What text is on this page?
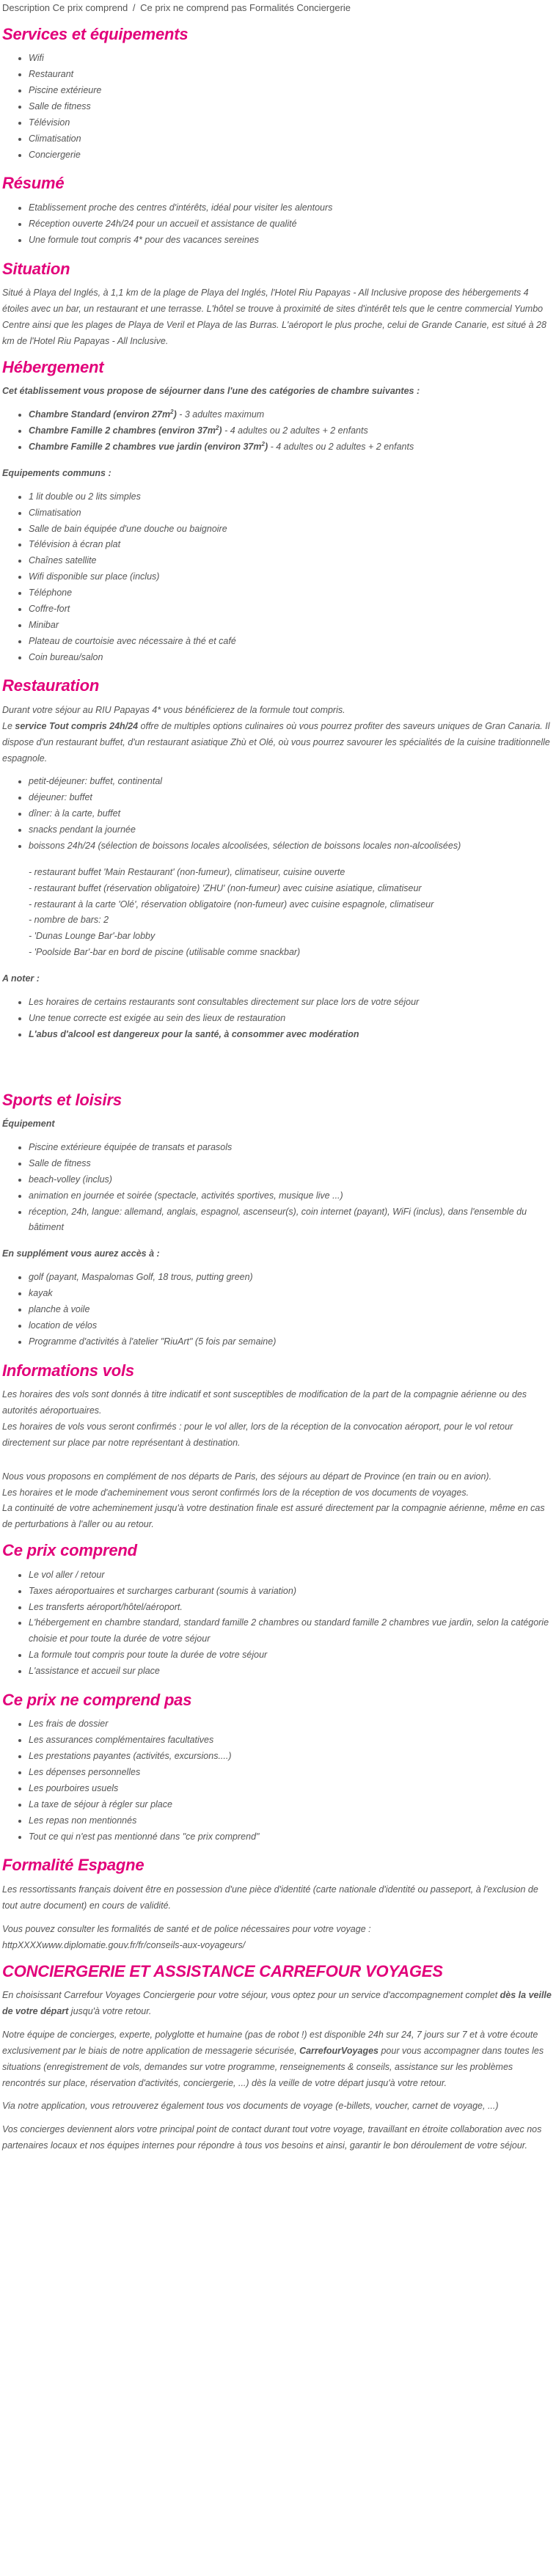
Description Ce prix comprend / Ce prix ne comprend pas Formalités Conciergerie
Services et équipements
• Wifi
• Restaurant
• Piscine extérieure
• Salle de fitness
• Télévision
• Climatisation
• Conciergerie
Résumé
• Etablissement proche des centres d'intérêts, idéal pour visiter les alentours
• Réception ouverte 24h/24 pour un accueil et assistance de qualité
• Une formule tout compris 4* pour des vacances sereines
Situation

Situé à Playa del Inglés, à 1,1 km de la plage de Playa del Inglés, l'Hotel Riu Papayas - All Inclusive propose des hébergements 4 étoiles avec un bar, un restaurant et une terrasse. L'hôtel se trouve à proximité de sites d'intérêt tels que le centre commercial Yumbo Centre ainsi que les plages de Playa de Veril et Playa de las Burras. L'aéroport le plus proche, celui de Grande Canarie, est situé à 28 km de l'Hotel Riu Papayas - All Inclusive.

Hébergement

Cet établissement vous propose de séjourner dans l'une des catégories de chambre suivantes :

• Chambre Standard (environ $27m^2) - 3$ adultes maximum
• Chambre Famille 2 chambres (environ $37m^2) - 4$ adultes ou 2 adultes + 2 enfants
• Chambre Famille 2 chambres vue jardin (environ $37m^2) - 4$ adultes ou 2 adultes + 2 enfants

Equipements communs :

• 1 lit double ou 2 lits simples
• Climatisation
• Salle de bain équipée d'une douche ou baignoire
• Télévision à écran plat
• Chaînes satellite
• Wifi disponible sur place (inclus)
• Téléphone
• Coffre-fort
• Minibar
• Plateau de courtoisie avec nécessaire à thé et café
• Coin bureau/salon
Restauration

Durant votre séjour au RIU Papayas 4* vous bénéficierez de la formule tout compris.

Le service Tout compris 24h/24 offre de multiples options culinaires où vous pourrez profiter des saveurs uniques de Gran Canaria. Il dispose d'un restaurant buffet, d'un restaurant asiatique Zhù et Olé, où vous pourrez savourer les spécialités de la cuisine traditionnelle espagnole.

• petit-déjeuner: buffet, continental
• déjeuner: buffet
• dîner: à la carte, buffet
• snacks pendant la journée
• boissons 24h/24 (sélection de boissons locales alcoolisées, sélection de boissons locales non-alcoolisées)
- restaurant buffet 'Main Restaurant' (non-fumeur), climatiseur, cuisine ouverte
- restaurant buffet (réservation obligatoire) 'ZHU' (non-fumeur) avec cuisine asiatique, climatiseur
- restaurant à la carte 'Olé', réservation obligatoire (non-fumeur) avec cuisine espagnole, climatiseur
- nombre de bars: 2
- 'Dunas Lounge Bar'-bar lobby
- 'Poolside Bar'-bar en bord de piscine (utilisable comme snackbar)

A noter :

• Les horaires de certains restaurants sont consultables directement sur place lors de votre séjour
• Une tenue correcte est exigée au sein des lieux de restauration
• L'abus d'alcool est dangereux pour la santé, à consommer avec modération
Sports et loisirs

Équipement

• Piscine extérieure équipée de transats et parasols
• Salle de fitness
• beach-volley (inclus)
• animation en journée et soirée (spectacle, activités sportives, musique live ...)
• réception, 24h, langue: allemand, anglais, espagnol, ascenseur(s), coin internet (payant), WiFi (inclus), dans l'ensemble du bâtiment

En supplément vous aurez accès à :

• golf (payant, Maspalomas Golf, 18 trous, putting green)
• kayak
• planche à voile
• location de vélos
• Programme d'activités à l'atelier "RiuArt" (5 fois par semaine)
Informations vols

Les horaires des vols sont donnés à titre indicatif et sont susceptibles de modification de la part de la compagnie aérienne ou des autorités aéroportuaires.

Les horaires de vols vous seront confirmés : pour le vol aller, lors de la réception de la convocation aéroport, pour le vol retour directement sur place par notre représentant à destination.

Nous vous proposons en complément de nos départs de Paris, des séjours au départ de Province (en train ou en avion).

Les horaires et le mode d'acheminement vous seront confirmés lors de la réception de vos documents de voyages.

La continuité de votre acheminement jusqu'à votre destination finale est assuré directement par la compagnie aérienne, même en cas de perturbations à l'aller ou au retour.

Ce prix comprend
• Le vol aller / retour
• Taxes aéroportuaires et surcharges carburant (soumis à variation)
• Les transferts aéroport/hôtel/aéroport.
• L'hébergement en chambre standard, standard famille 2 chambres ou standard famille 2 chambres vue jardin, selon la catégorie choisie et pour toute la durée de votre séjour
• La formule tout compris pour toute la durée de votre séjour
• L'assistance et accueil sur place
Ce prix ne comprend pas
• Les frais de dossier
• Les assurances complémentaires facultatives
• Les prestations payantes (activités, excursions....)
• Les dépenses personnelles
• Les pourboires usuels
• La taxe de séjour à régler sur place
• Les repas non mentionnés
• Tout ce qui n'est pas mentionné dans "ce prix comprend"
Formalité Espagne

Les ressortissants français doivent être en possession d'une pièce d'identité (carte nationale d'identité ou passeport, à l'exclusion de tout autre document) en cours de validité.

Vous pouvez consulter les formalités de santé et de police nécessaires pour votre voyage :

httpXXXXwww.diplomatie.gouv.fr/fr/conseils-aux-voyageurs/

CONCIERGERIE ET ASSISTANCE CARREFOUR VOYAGES

En choisissant Carrefour Voyages Conciergerie pour votre séjour, vous optez pour un service d'accompagnement complet dès la veille de votre départ jusqu'à votre retour.

Notre équipe de concierges, experte, polyglotte et humaine (pas de robot !) est disponible 24h sur 24, 7 jours sur 7 et à votre écoute exclusivement par le biais de notre application de messagerie sécurisée, CarrefourVoyages pour vous accompagner dans toutes les situations (enregistrement de vols, demandes sur votre programme, renseignements & conseils, assistance sur les problèmes rencontrés sur place, réservation d'activités, conciergerie, ...) dès la veille de votre départ jusqu'à votre retour.

Via notre application, vous retrouverez également tous vos documents de voyage (e-billets, voucher, carnet de voyage, ...)

Vos concierges deviennent alors votre principal point de contact durant tout votre voyage, travaillant en étroite collaboration avec nos partenaires locaux et nos équipes internes pour répondre à tous vos besoins et ainsi, garantir le bon déroulement de votre séjour.
